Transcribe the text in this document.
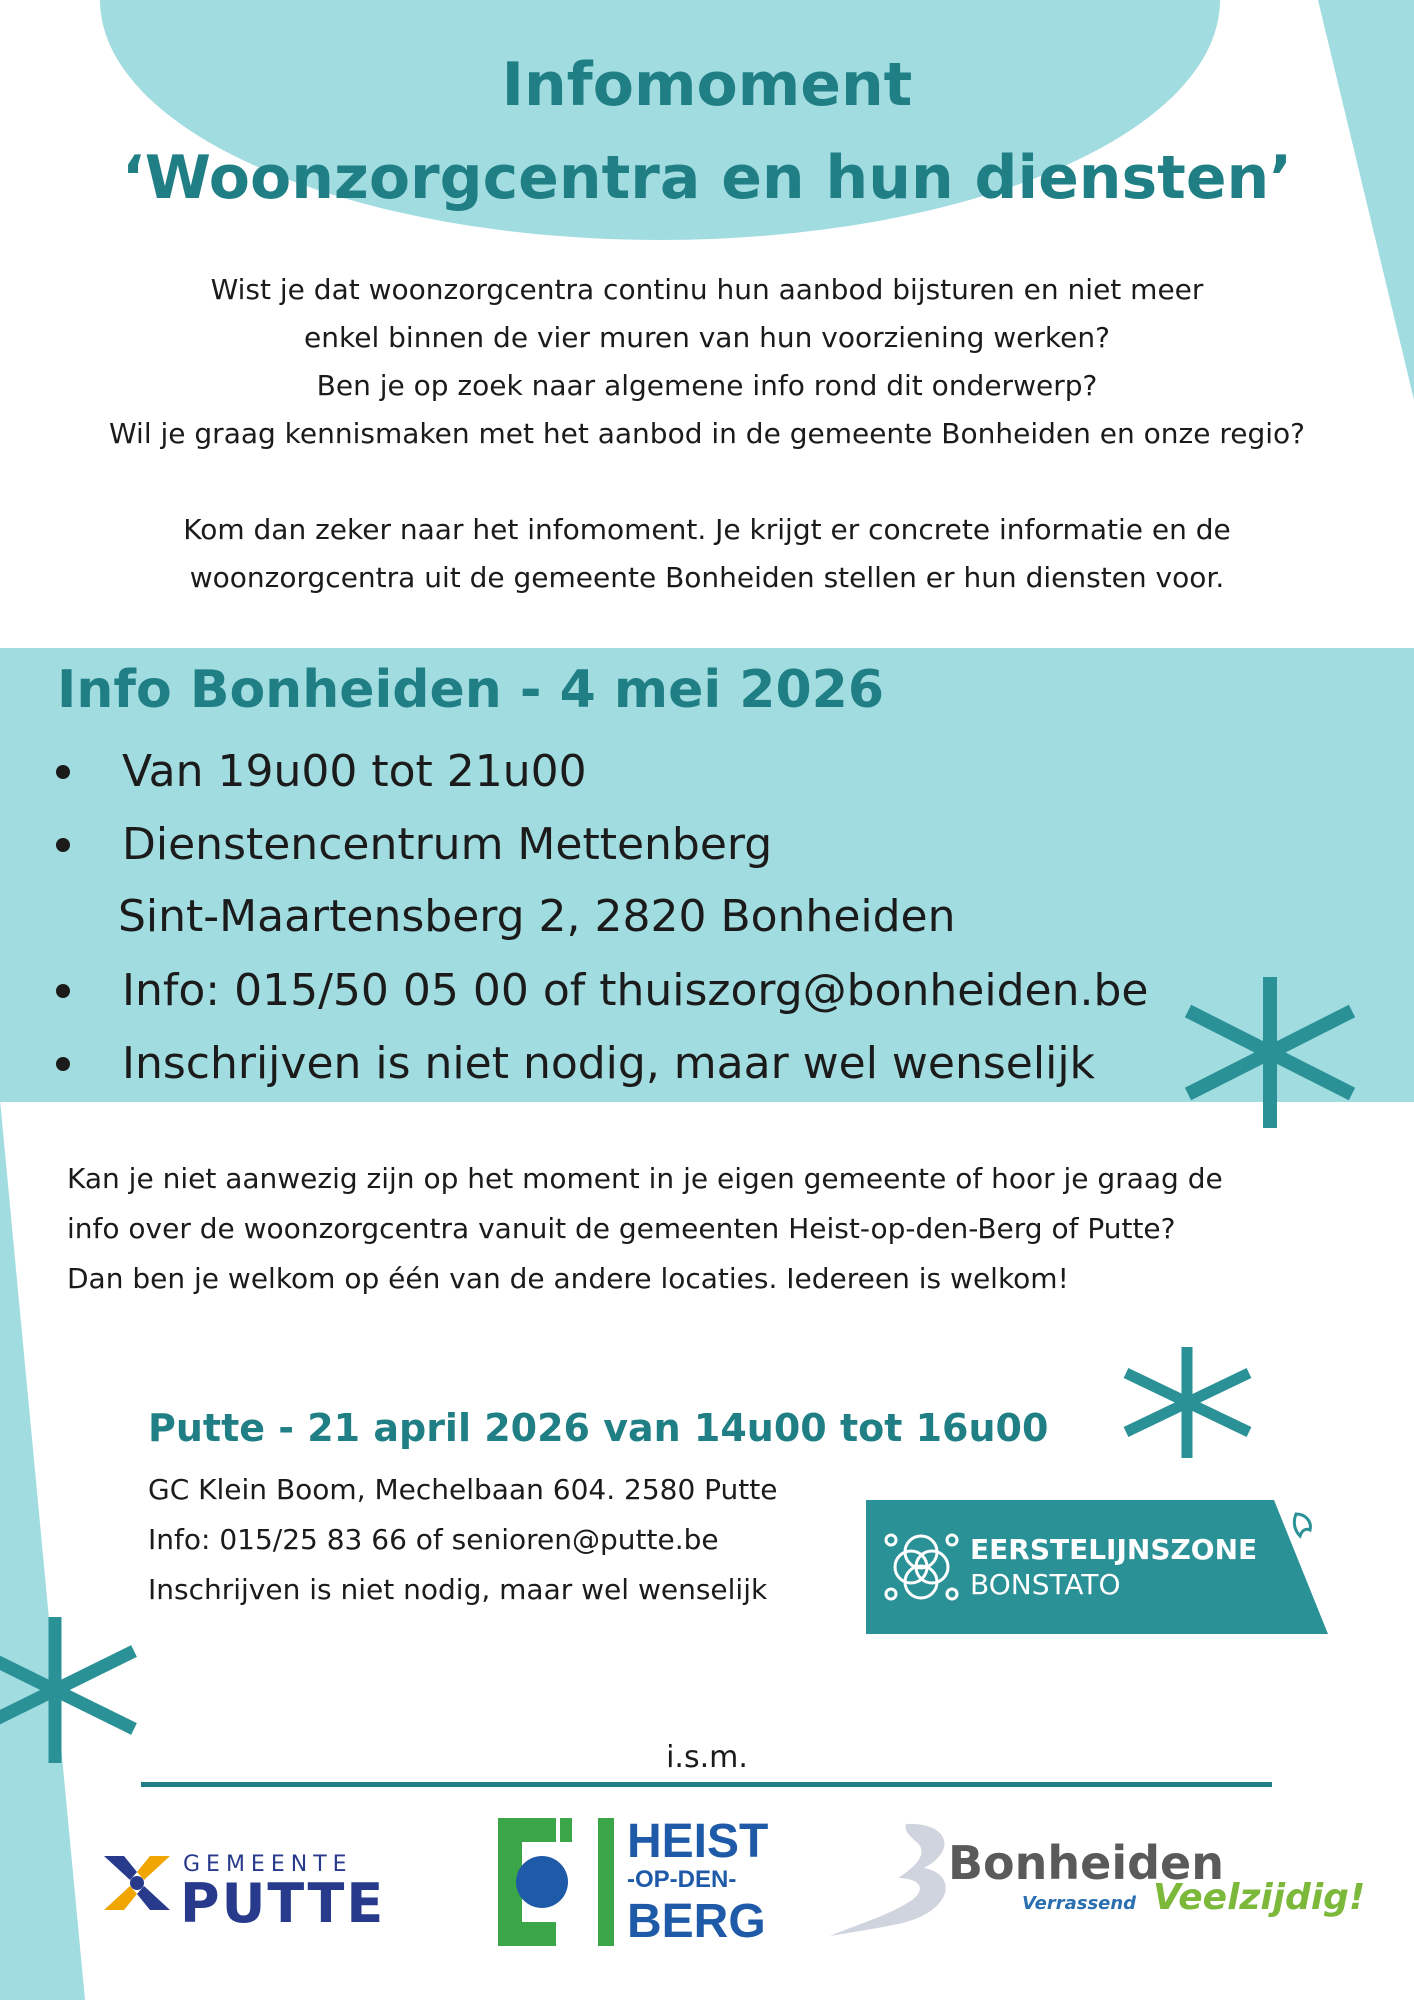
Infomoment
‘Woonzorgcentra en hun diensten’
Wist je dat woonzorgcentra continu hun aanbod bijsturen en niet meer
enkel binnen de vier muren van hun voorziening werken?
Ben je op zoek naar algemene info rond dit onderwerp?
Wil je graag kennismaken met het aanbod in de gemeente Bonheiden en onze regio?
Kom dan zeker naar het infomoment. Je krijgt er concrete informatie en de
woonzorgcentra uit de gemeente Bonheiden stellen er hun diensten voor.
Info Bonheiden - 4 mei 2026
Van 19u00 tot 21u00
Dienstencentrum Mettenberg
Sint-Maartensberg 2, 2820 Bonheiden
Info: 015/50 05 00 of thuiszorg@bonheiden.be
Inschrijven is niet nodig, maar wel wenselijk
Kan je niet aanwezig zijn op het moment in je eigen gemeente of hoor je graag de
info over de woonzorgcentra vanuit de gemeenten Heist-op-den-Berg of Putte?
Dan ben je welkom op één van de andere locaties. Iedereen is welkom!
Putte - 21 april 2026 van 14u00 tot 16u00
GC Klein Boom, Mechelbaan 604. 2580 Putte
Info: 015/25 83 66 of senioren@putte.be
Inschrijven is niet nodig, maar wel wenselijk
EERSTELIJNSZONE
BONSTATO
i.s.m.
GEMEENTE
PUTTE
HEIST
-OP-DEN-
BERG
Bonheiden
Verrassend Veelzijdig!
